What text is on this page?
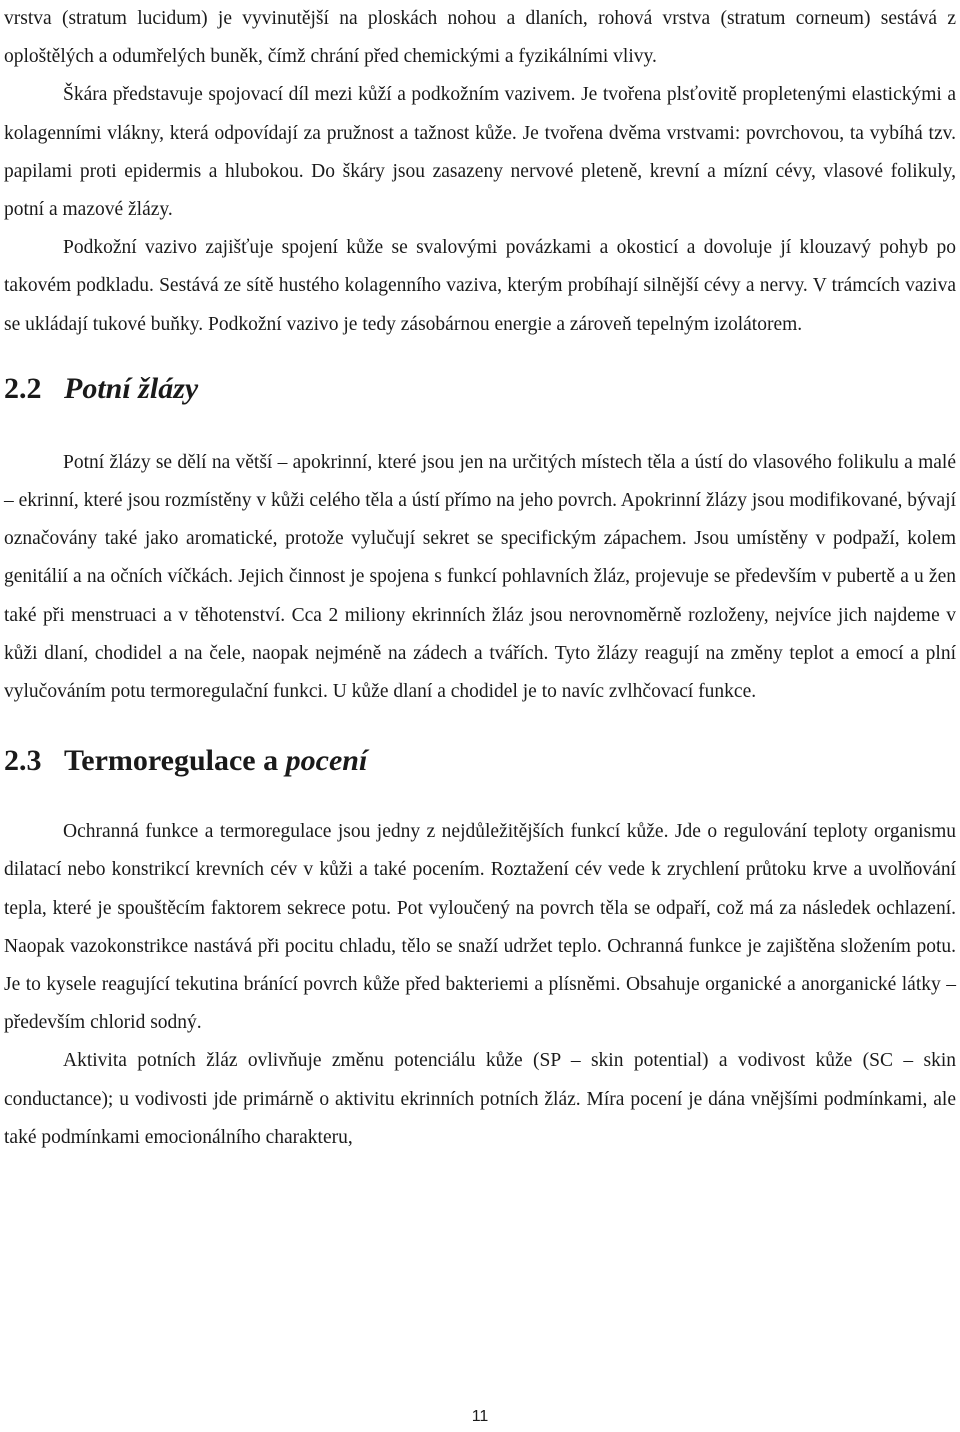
vrstva (stratum lucidum) je vyvinutější na ploskách nohou a dlaních, rohová vrstva (stratum corneum) sestává z oploštělých a odumřelých buněk, čímž chrání před chemickými a fyzikálními vlivy.

Škára představuje spojovací díl mezi kůží a podkožním vazivem. Je tvořena plsťovitě propletenými elastickými a kolagenními vlákny, která odpovídají za pružnost a tažnost kůže. Je tvořena dvěma vrstvami: povrchovou, ta vybíhá tzv. papilami proti epidermis a hlubokou. Do škáry jsou zasazeny nervové pleteně, krevní a mízní cévy, vlasové folikuly, potní a mazové žlázy.

Podkožní vazivo zajišťuje spojení kůže se svalovými povázkami a okosticí a dovoluje jí klouzavý pohyb po takovém podkladu. Sestává ze sítě hustého kolagenního vaziva, kterým probíhají silnější cévy a nervy. V trámcích vaziva se ukládají tukové buňky. Podkožní vazivo je tedy zásobárnou energie a zároveň tepelným izolátorem.

2.2 Potní žlázy

Potní žlázy se dělí na větší – apokrinní, které jsou jen na určitých místech těla a ústí do vlasového folikulu a malé – ekrinní, které jsou rozmístěny v kůži celého těla a ústí přímo na jeho povrch. Apokrinní žlázy jsou modifikované, bývají označovány také jako aromatické, protože vylučují sekret se specifickým zápachem. Jsou umístěny v podpaží, kolem genitálií a na očních víčkách. Jejich činnost je spojena s funkcí pohlavních žláz, projevuje se především v pubertě a u žen také při menstruaci a v těhotenství. Cca 2 miliony ekrinních žláz jsou nerovnoměrně rozloženy, nejvíce jich najdeme v kůži dlaní, chodidel a na čele, naopak nejméně na zádech a tvářích. Tyto žlázy reagují na změny teplot a emocí a plní vylučováním potu termoregulační funkci. U kůže dlaní a chodidel je to navíc zvlhčovací funkce.

2.3 Termoregulace a pocení

Ochranná funkce a termoregulace jsou jedny z nejdůležitějších funkcí kůže. Jde o regulování teploty organismu dilatací nebo konstrikcí krevních cév v kůži a také pocením. Roztažení cév vede k zrychlení průtoku krve a uvolňování tepla, které je spouštěcím faktorem sekrece potu. Pot vyloučený na povrch těla se odpaří, což má za následek ochlazení. Naopak vazokonstrikce nastává při pocitu chladu, tělo se snaží udržet teplo. Ochranná funkce je zajištěna složením potu. Je to kysele reagující tekutina bránící povrch kůže před bakteriemi a plísněmi. Obsahuje organické a anorganické látky – především chlorid sodný.

Aktivita potních žláz ovlivňuje změnu potenciálu kůže (SP – skin potential) a vodivost kůže (SC – skin conductance); u vodivosti jde primárně o aktivitu ekrinních potních žláz. Míra pocení je dána vnějšími podmínkami, ale také podmínkami emocionálního charakteru,

11
